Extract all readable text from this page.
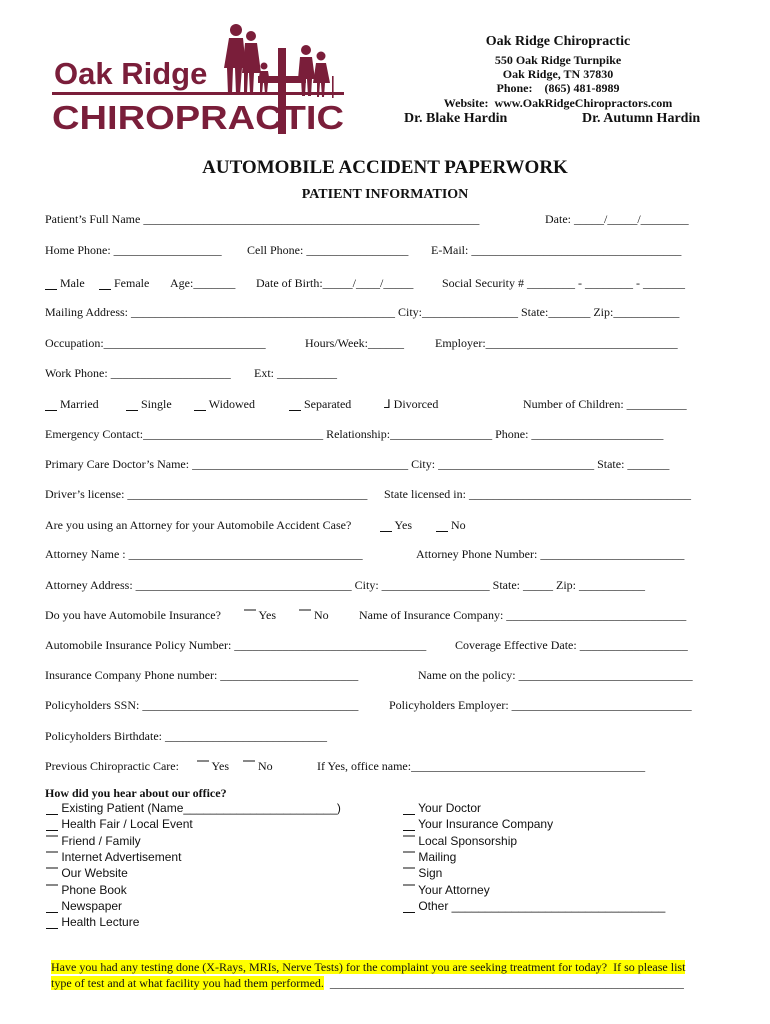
Oak Ridge
CHIROPRACTIC
Oak Ridge Chiropractic
550 Oak Ridge Turnpike
Oak Ridge, TN 37830
Phone:    (865) 481-8989
Website:  www.OakRidgeChiropractors.com
Dr. Blake Hardin	Dr. Autumn Hardin
AUTOMOBILE ACCIDENT PAPERWORK
PATIENT INFORMATION
Patient’s Full Name ________________________________________________________	Date: _____/_____/________
Home Phone: __________________ Cell Phone: _________________ E-Mail: ___________________________________
⎽ Male ⎽ Female Age:_______ Date of Birth:_____/____/_____ Social Security # ________ - ________ - _______
Mailing Address: ____________________________________________ City:________________ State:_______ Zip:___________
Occupation:___________________________	Hours/Week:______	Employer:________________________________
Work Phone: ____________________ Ext: __________
⎽ Married ⎽ Single ⎽ Widowed	⎽ Separated	⅃ Divorced	Number of Children: __________
Emergency Contact:______________________________ Relationship:_________________ Phone: ______________________
Primary Care Doctor’s Name: ____________________________________ City: __________________________ State: _______
Driver’s license: ________________________________________ State licensed in: _____________________________________
Are you using an Attorney for your Automobile Accident Case? ⎽ Yes ⎽ No
Attorney Name : _______________________________________	Attorney Phone Number: ________________________
Attorney Address: ____________________________________ City: __________________ State: _____ Zip: ___________
Do you have Automobile Insurance? ⎺ Yes ⎺ No	Name of Insurance Company: ______________________________
Automobile Insurance Policy Number: ________________________________ Coverage Effective Date: __________________
Insurance Company Phone number: _______________________	Name on the policy: _____________________________
Policyholders SSN: ____________________________________	Policyholders Employer: ______________________________
Policyholders Birthdate: ___________________________
Previous Chiropractic Care: ⎺ Yes ⎺ No	If Yes, office name:_______________________________________
How did you hear about our office?
⎽ Existing Patient (Name_______________________)
⎽ Health Fair / Local Event
⎺ Friend / Family
⎺ Internet Advertisement
⎺ Our Website
⎺ Phone Book
⎽ Newspaper
⎽ Health Lecture
⎽ Your Doctor
⎽ Your Insurance Company
⎺ Local Sponsorship
⎺ Mailing
⎺ Sign
⎺ Your Attorney
⎽ Other ________________________________

Have you had any testing done (X-Rays, MRIs, Nerve Tests) for the complaint you are seeking treatment for today?  If so please list

type of test and at what facility you had them performed.  ___________________________________________________________
